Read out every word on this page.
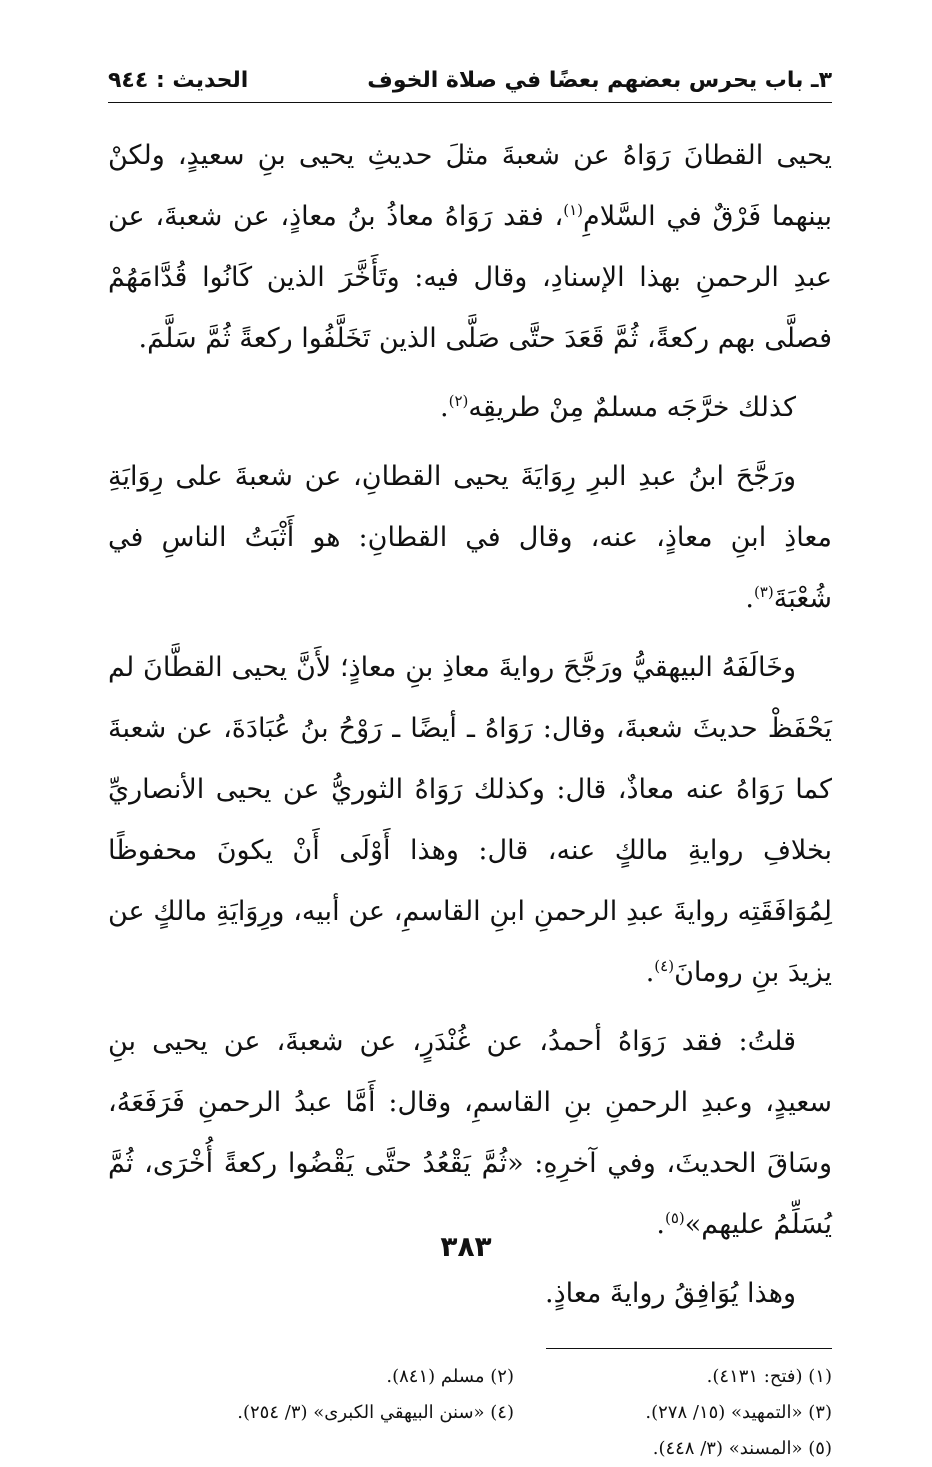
٣ـ باب يحرس بعضهم بعضًا في صلاة الخوف
الحديث : ٩٤٤

يحيى القطانَ رَوَاهُ عن شعبةَ مثلَ حديثِ يحيى بنِ سعيدٍ، ولكنْ بينهما فَرْقٌ في السَّلامِ$^{(١)}$، فقد رَوَاهُ معاذُ بنُ معاذٍ، عن شعبةَ، عن عبدِ الرحمنِ بهذا الإسنادِ، وقال فيه: وتَأَخَّرَ الذين كَانُوا قُدَّامَهُمْ فصلَّى بهم ركعةً، ثُمَّ قَعَدَ حتَّى صَلَّى الذين تَخَلَّفُوا ركعةً ثُمَّ سَلَّمَ.

كذلك خرَّجَه مسلمٌ مِنْ طريقِه$^{(٢)}$.

ورَجَّحَ ابنُ عبدِ البرِ رِوَايَةَ يحيى القطانِ، عن شعبةَ على رِوَايَةِ معاذِ ابنِ معاذٍ، عنه، وقال في القطانِ: هو أَثْبَتُ الناسِ في شُعْبَةَ$^{(٣)}$.

وخَالَفَهُ البيهقيُّ ورَجَّحَ روايةَ معاذِ بنِ معاذٍ؛ لأَنَّ يحيى القطَّانَ لم يَحْفَظْ حديثَ شعبةَ، وقال: رَوَاهُ ـ أيضًا ـ رَوْحُ بنُ عُبَادَةَ، عن شعبةَ كما رَوَاهُ عنه معاذٌ، قال: وكذلك رَوَاهُ الثوريُّ عن يحيى الأنصاريِّ بخلافِ روايةِ مالكٍ عنه، قال: وهذا أَوْلَى أَنْ يكونَ محفوظًا لِمُوَافَقَتِه روايةَ عبدِ الرحمنِ ابنِ القاسمِ، عن أبيه، ورِوَايَةِ مالكٍ عن يزيدَ بنِ رومانَ$^{(٤)}$.

قلتُ: فقد رَوَاهُ أحمدُ، عن غُنْدَرٍ، عن شعبةَ، عن يحيى بنِ سعيدٍ، وعبدِ الرحمنِ بنِ القاسمِ، وقال: أَمَّا عبدُ الرحمنِ فَرَفَعَهُ، وسَاقَ الحديثَ، وفي آخرِهِ: «ثُمَّ يَقْعُدُ حتَّى يَقْضُوا ركعةً أُخْرَى، ثُمَّ يُسَلِّمُ عليهم»$^{(٥)}$.

وهذا يُوَافِقُ روايةَ معاذٍ.

(١) (فتح: ٤١٣١).
(٢) مسلم (٨٤١).
(٣) «التمهيد» (١٥/ ٢٧٨).
(٤) «سنن البيهقي الكبرى» (٣/ ٢٥٤).
(٥) «المسند» (٣/ ٤٤٨).
٣٨٣
